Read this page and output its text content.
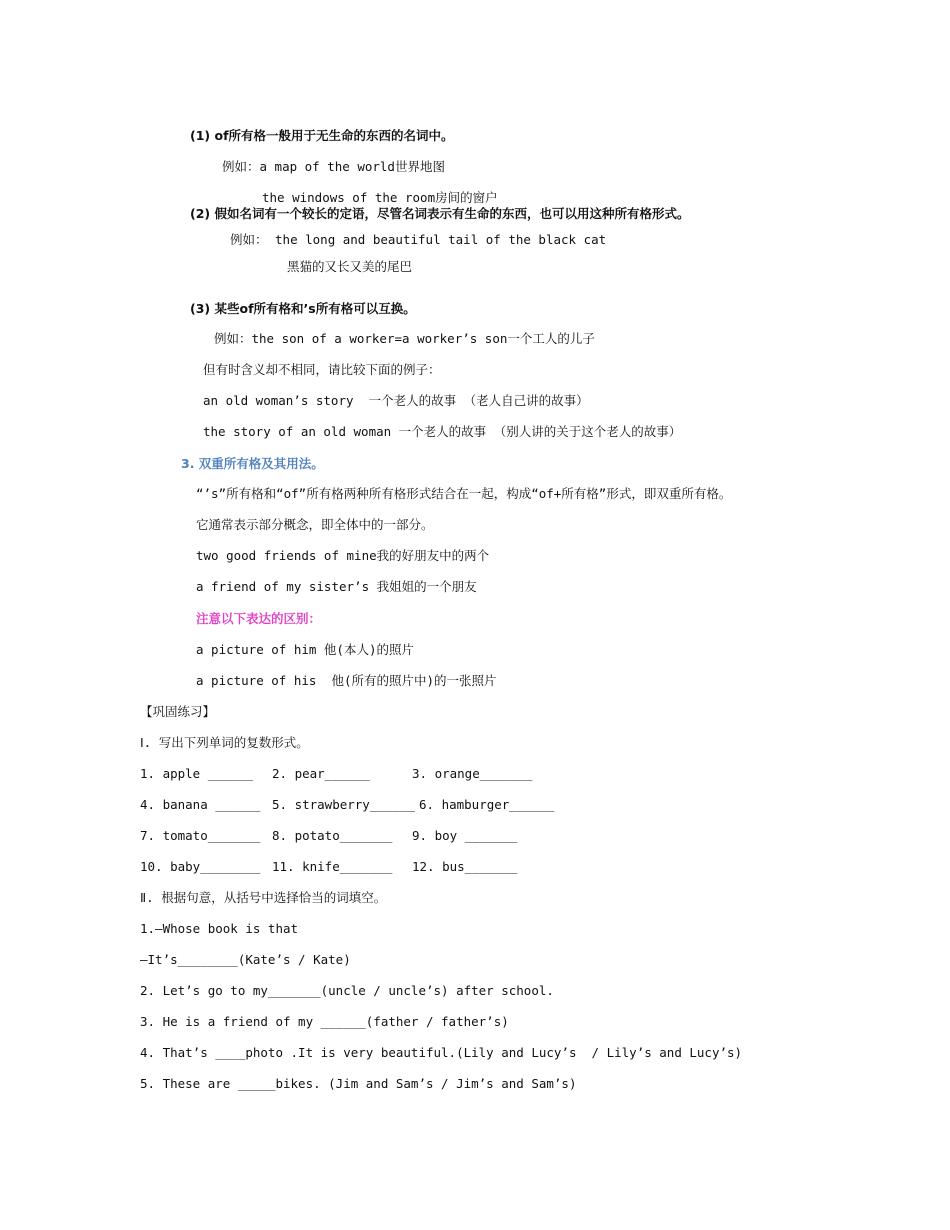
(1) of所有格一般用于无生命的东西的名词中。
例如：a map of the world世界地图
the windows of the room房间的窗户
(2) 假如名词有一个较长的定语，尽管名词表示有生命的东西，也可以用这种所有格形式。
例如： the long and beautiful tail of the black cat
黑猫的又长又美的尾巴
(3) 某些of所有格和’s所有格可以互换。
例如：the son of a worker=a worker’s son一个工人的儿子
但有时含义却不相同，请比较下面的例子：
an old woman’s story  一个老人的故事 （老人自己讲的故事）
the story of an old woman 一个老人的故事 （别人讲的关于这个老人的故事）
3. 双重所有格及其用法。
“’s”所有格和“of”所有格两种所有格形式结合在一起，构成“of+所有格”形式，即双重所有格。
它通常表示部分概念，即全体中的一部分。
two good friends of mine我的好朋友中的两个
a friend of my sister’s 我姐姐的一个朋友
注意以下表达的区别：
a picture of him 他(本人)的照片
a picture of his  他(所有的照片中)的一张照片
【巩固练习】
Ⅰ. 写出下列单词的复数形式。
1. apple ______ 2. pear______	3. orange_______
4. banana ______ 5. strawberry______ 6. hamburger______
7. tomato_______ 8. potato_______ 9. boy _______
10. baby________ 11. knife_______ 12. bus_______
Ⅱ. 根据句意，从括号中选择恰当的词填空。
1.—Whose book is that
—It’s________(Kate’s / Kate)
2. Let’s go to my_______(uncle / uncle’s) after school.
3. He is a friend of my ______(father / father’s)
4. That’s ____photo .It is very beautiful.(Lily and Lucy’s  / Lily’s and Lucy’s)
5. These are _____bikes. (Jim and Sam’s / Jim’s and Sam’s)
